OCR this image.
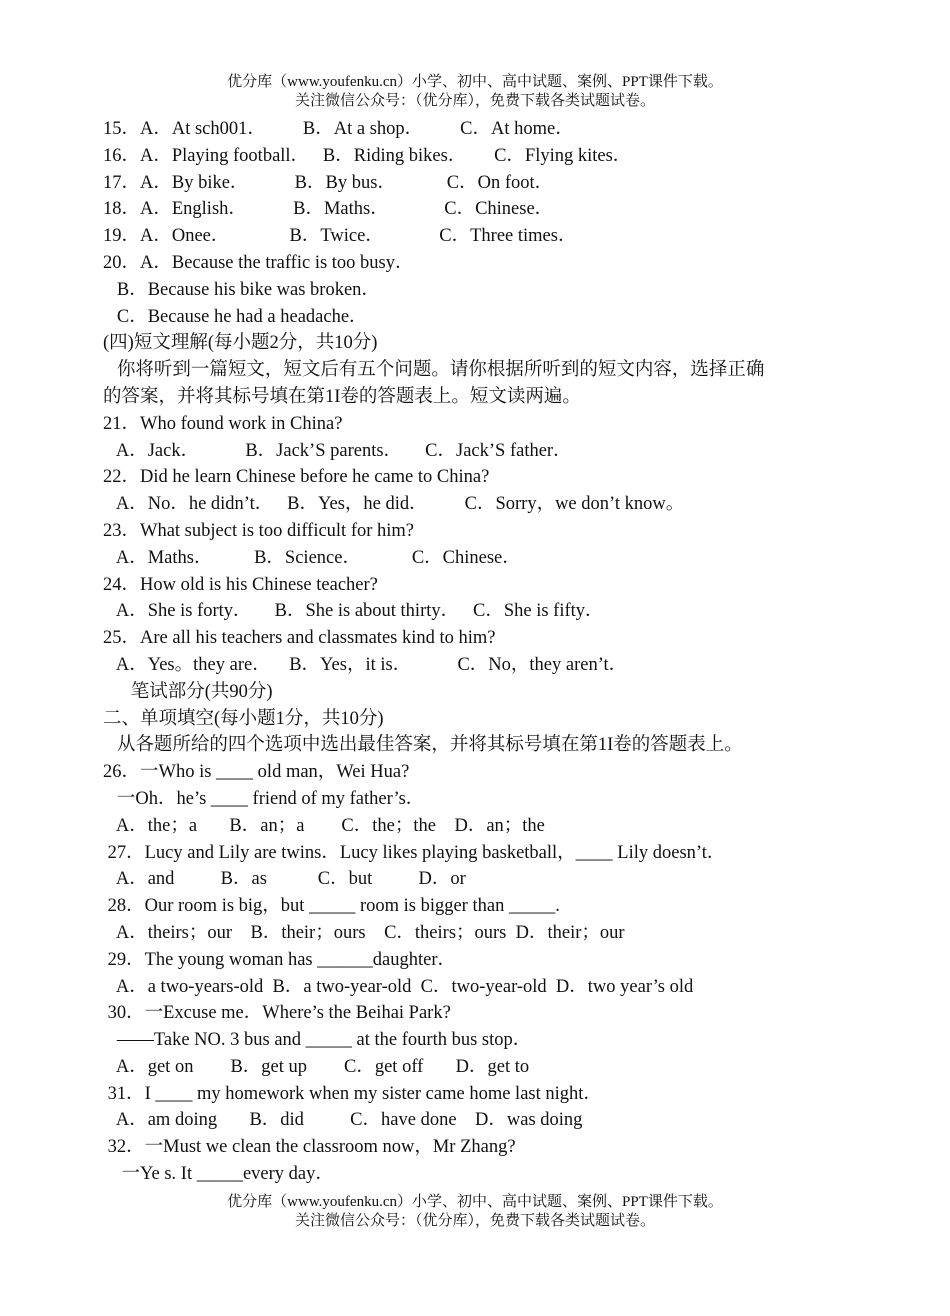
优分库（www.youfenku.cn）小学、初中、高中试题、案例、PPT课件下载。
关注微信公众号：（优分库），免费下载各类试题试卷。
15．A．At sch001．        B．At a shop．        C．At home．
16．A．Playing football．   B．Riding bikes．      C．Flying kites．
17．A．By bike．          B．By bus．           C．On foot．
18．A．English．          B．Maths．            C．Chinese．
19．A．Onee．             B．Twice．            C．Three times．
20．A．Because the traffic is too busy．
B．Because his bike was broken．
C．Because he had a headache．
(四)短文理解(每小题2分，共10分)
你将听到一篇短文，短文后有五个问题。请你根据所听到的短文内容，选择正确
的答案，并将其标号填在第1I卷的答题表上。短文读两遍。
21．Who found work in China?
A．Jack．          B．Jack’S parents．     C．Jack’S father．
22．Did he learn Chinese before he came to China?
A．No．he didn’t．   B．Yes，he did．        C．Sorry，we don’t know。
23．What subject is too difficult for him?
A．Maths．         B．Science．           C．Chinese．
24．How old is his Chinese teacher?
A．She is forty．     B．She is about thirty．   C．She is fifty．
25．Are all his teachers and classmates kind to him?
A．Yes。they are．    B．Yes，it is．          C．No，they aren’t．
笔试部分(共90分)
二、单项填空(每小题1分，共10分)
从各题所给的四个选项中选出最佳答案，并将其标号填在第1I卷的答题表上。
26．一Who is ____ old man，Wei Hua?
一Oh．he’s ____ friend of my father’s．
A．the；a       B．an；a        C．the；the    D．an；the
27．Lucy and Lily are twins．Lucy likes playing basketball，____ Lily doesn’t．
A．and          B．as           C．but          D．or
28．Our room is big，but _____ room is bigger than _____.
A．theirs；our    B．their；ours    C．theirs；ours  D．their；our
29．The young woman has ______daughter．
A．a two-years-old  B．a two-year-old  C．two-year-old  D．two year’s old
30．一Excuse me．Where’s the Beihai Park?
——Take NO. 3 bus and _____ at the fourth bus stop．
A．get on        B．get up        C．get off       D．get to
31．I ____ my homework when my sister came home last night．
A．am doing       B．did          C．have done    D．was doing
32．一Must we clean the classroom now，Mr Zhang?
一Ye s. It _____every day．
优分库（www.youfenku.cn）小学、初中、高中试题、案例、PPT课件下载。
关注微信公众号：（优分库），免费下载各类试题试卷。
